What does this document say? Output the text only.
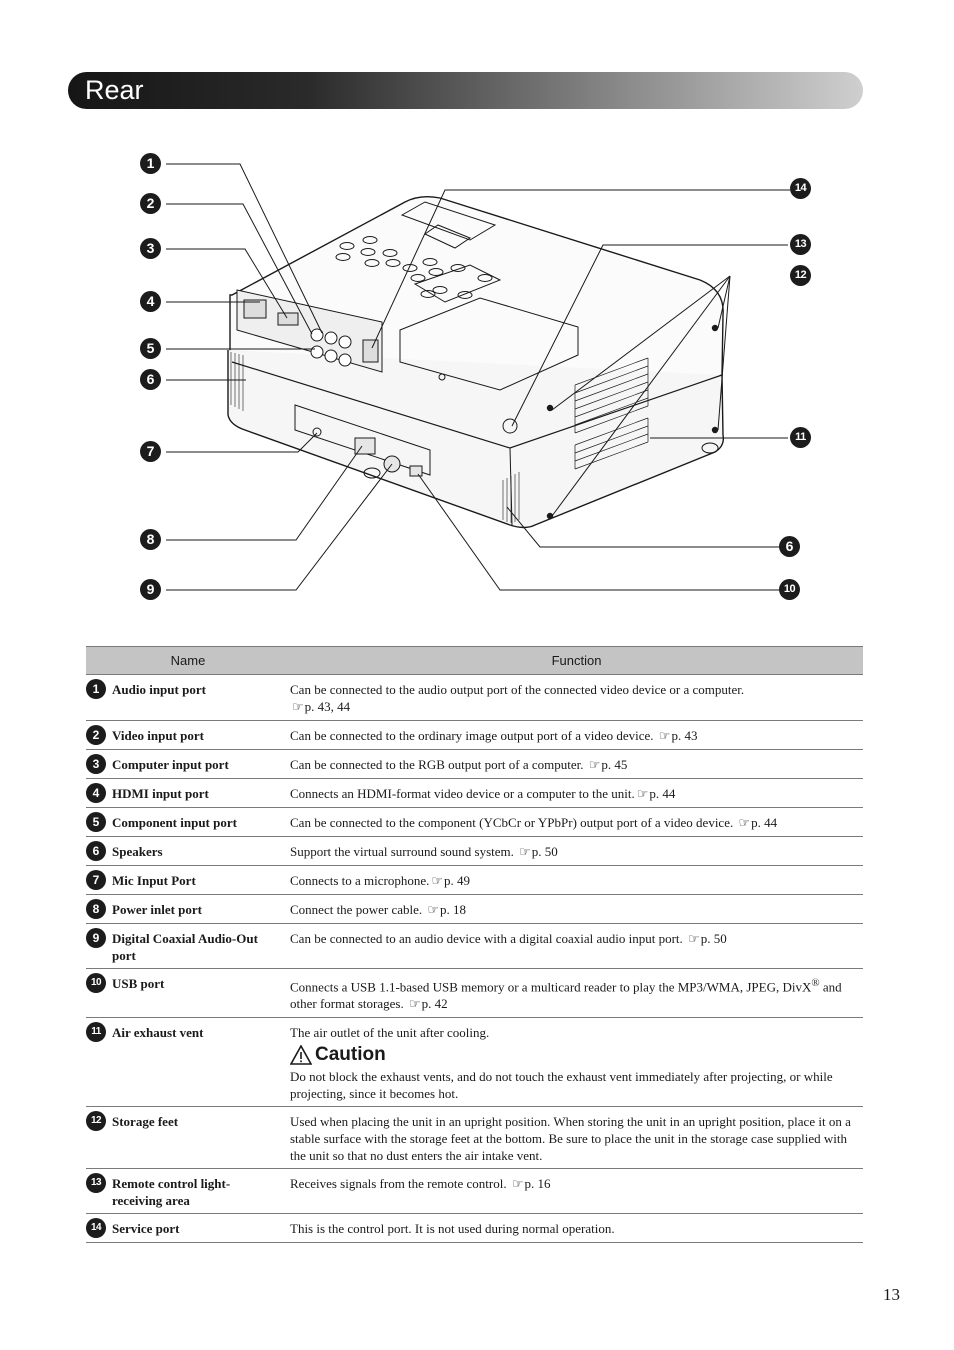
Rear
1
2
3
4
5
6
7
8
9
14
13
12
11
6
10
Name	Function
1 Audio input port	Can be connected to the audio output port of the connected video device or a computer.
☞p. 43, 44
2 Video input port	Can be connected to the ordinary image output port of a video device. ☞p. 43
3 Computer input port	Can be connected to the RGB output port of a computer. ☞p. 45
4 HDMI input port	Connects an HDMI-format video device or a computer to the unit. ☞p. 44
5 Component input port	Can be connected to the component (YCbCr or YPbPr) output port of a video device. ☞p. 44
6 Speakers	Support the virtual surround sound system. ☞p. 50
7 Mic Input Port	Connects to a microphone. ☞p. 49
8 Power inlet port	Connect the power cable. ☞p. 18
9 Digital Coaxial Audio-Out port	Can be connected to an audio device with a digital coaxial audio input port. ☞p. 50
10 USB port	Connects a USB 1.1-based USB memory or a multicard reader to play the MP3/WMA, JPEG, DivX® and other format storages. ☞p. 42
11 Air exhaust vent	The air outlet of the unit after cooling.
Caution
Do not block the exhaust vents, and do not touch the exhaust vent immediately after projecting, or while projecting, since it becomes hot.
12 Storage feet	Used when placing the unit in an upright position. When storing the unit in an upright position, place it on a stable surface with the storage feet at the bottom. Be sure to place the unit in the storage case supplied with the unit so that no dust enters the air intake vent.
13 Remote control light-receiving area	Receives signals from the remote control. ☞p. 16
14 Service port	This is the control port. It is not used during normal operation.
13
